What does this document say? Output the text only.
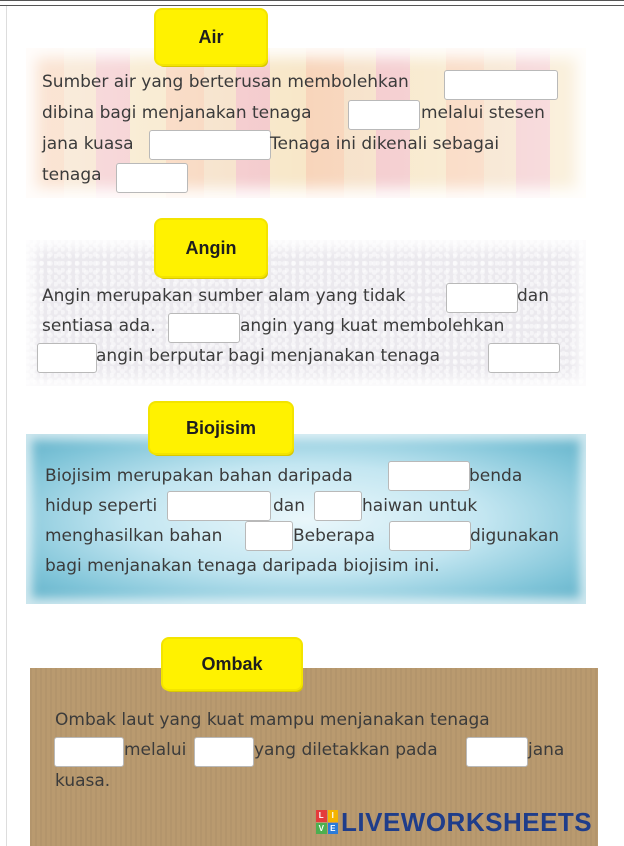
Air
Sumber air yang berterusan membolehkan
dibina bagi menjanakan tenaga	melalui stesen
jana kuasa	Tenaga ini dikenali sebagai
tenaga
Angin
Angin merupakan sumber alam yang tidak	dan
sentiasa ada.	angin yang kuat membolehkan
angin berputar bagi menjanakan tenaga
Biojisim
Biojisim merupakan bahan daripada	benda
hidup seperti	dan	haiwan untuk
menghasilkan bahan	Beberapa	digunakan
bagi menjanakan tenaga daripada biojisim ini.
Ombak
Ombak laut yang kuat mampu menjanakan tenaga
melalui	yang diletakkan pada	jana
kuasa.
L I
V E LIVEWORKSHEETS
